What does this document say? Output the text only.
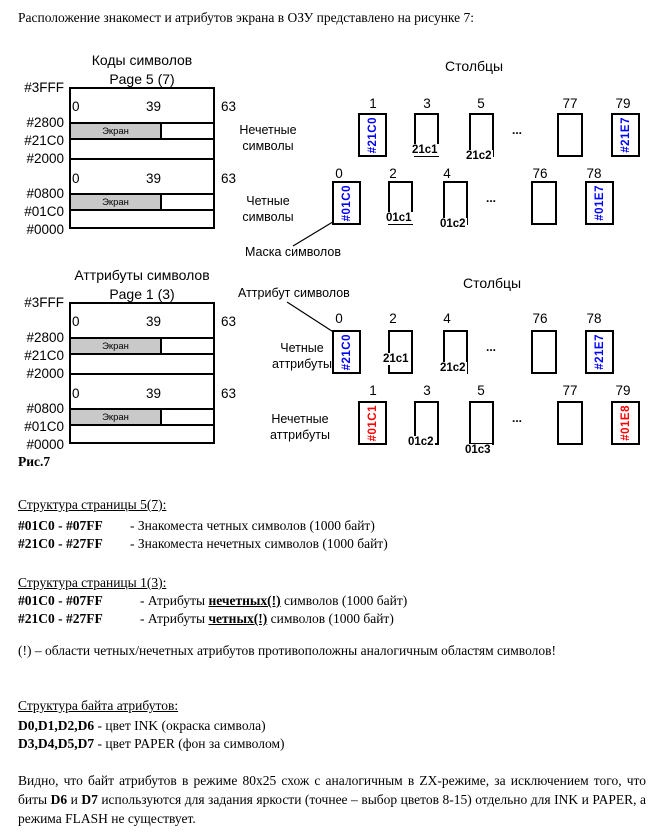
Расположение знакомест и атрибутов экрана в ОЗУ представлено на рисунке 7:
Коды символов
Page 5 (7)
#3FFF
#2800
#21C0
#2000
#0800
#01C0
#0000
Экран
Экран
0	39	63
0	39	63
Столбцы
Нечетные
символы
1	3	5	77	79
#21C0	...	#21E7
21c1 21c2
Четные
символы
0	2	4	76	78
#01C0	...	#01E7
01c1 01c2
Маска символов
Аттрибуты символов
Page 1 (3)
#3FFF
#2800
#21C0
#2000
#0800
#01C0
#0000
Экран
Экран
0	39	63
0	39	63
Рис.7
Столбцы
Аттрибут символов
Четные
аттрибуты
0	2	4	76	78
#21C0	...	#21E7
21c1
21c2
Нечетные
аттрибуты
1	3	5	77	79
#01C1	...	#01E8
01c2
01c3
Структура страницы 5(7):
#01C0 - #07FF - Знакоместа четных символов (1000 байт)
#21C0 - #27FF - Знакоместа нечетных символов (1000 байт)
Структура страницы 1(3):
#01C0 - #07FF	- Атрибуты нечетных(!) символов (1000 байт)
#21C0 - #27FF	- Атрибуты четных(!) символов (1000 байт)
(!) – области четных/нечетных атрибутов противоположны аналогичным областям символов!
Структура байта атрибутов:
D0,D1,D2,D6 - цвет INK (окраска символа)
D3,D4,D5,D7 - цвет PAPER (фон за символом)
Видно, что байт атрибутов в режиме 80x25 схож с аналогичным в ZX-режиме, за исключением того, что биты D6 и D7 используются для задания яркости (точнее – выбор цветов 8-15) отдельно для INK и PAPER, а режима FLASH не существует.
